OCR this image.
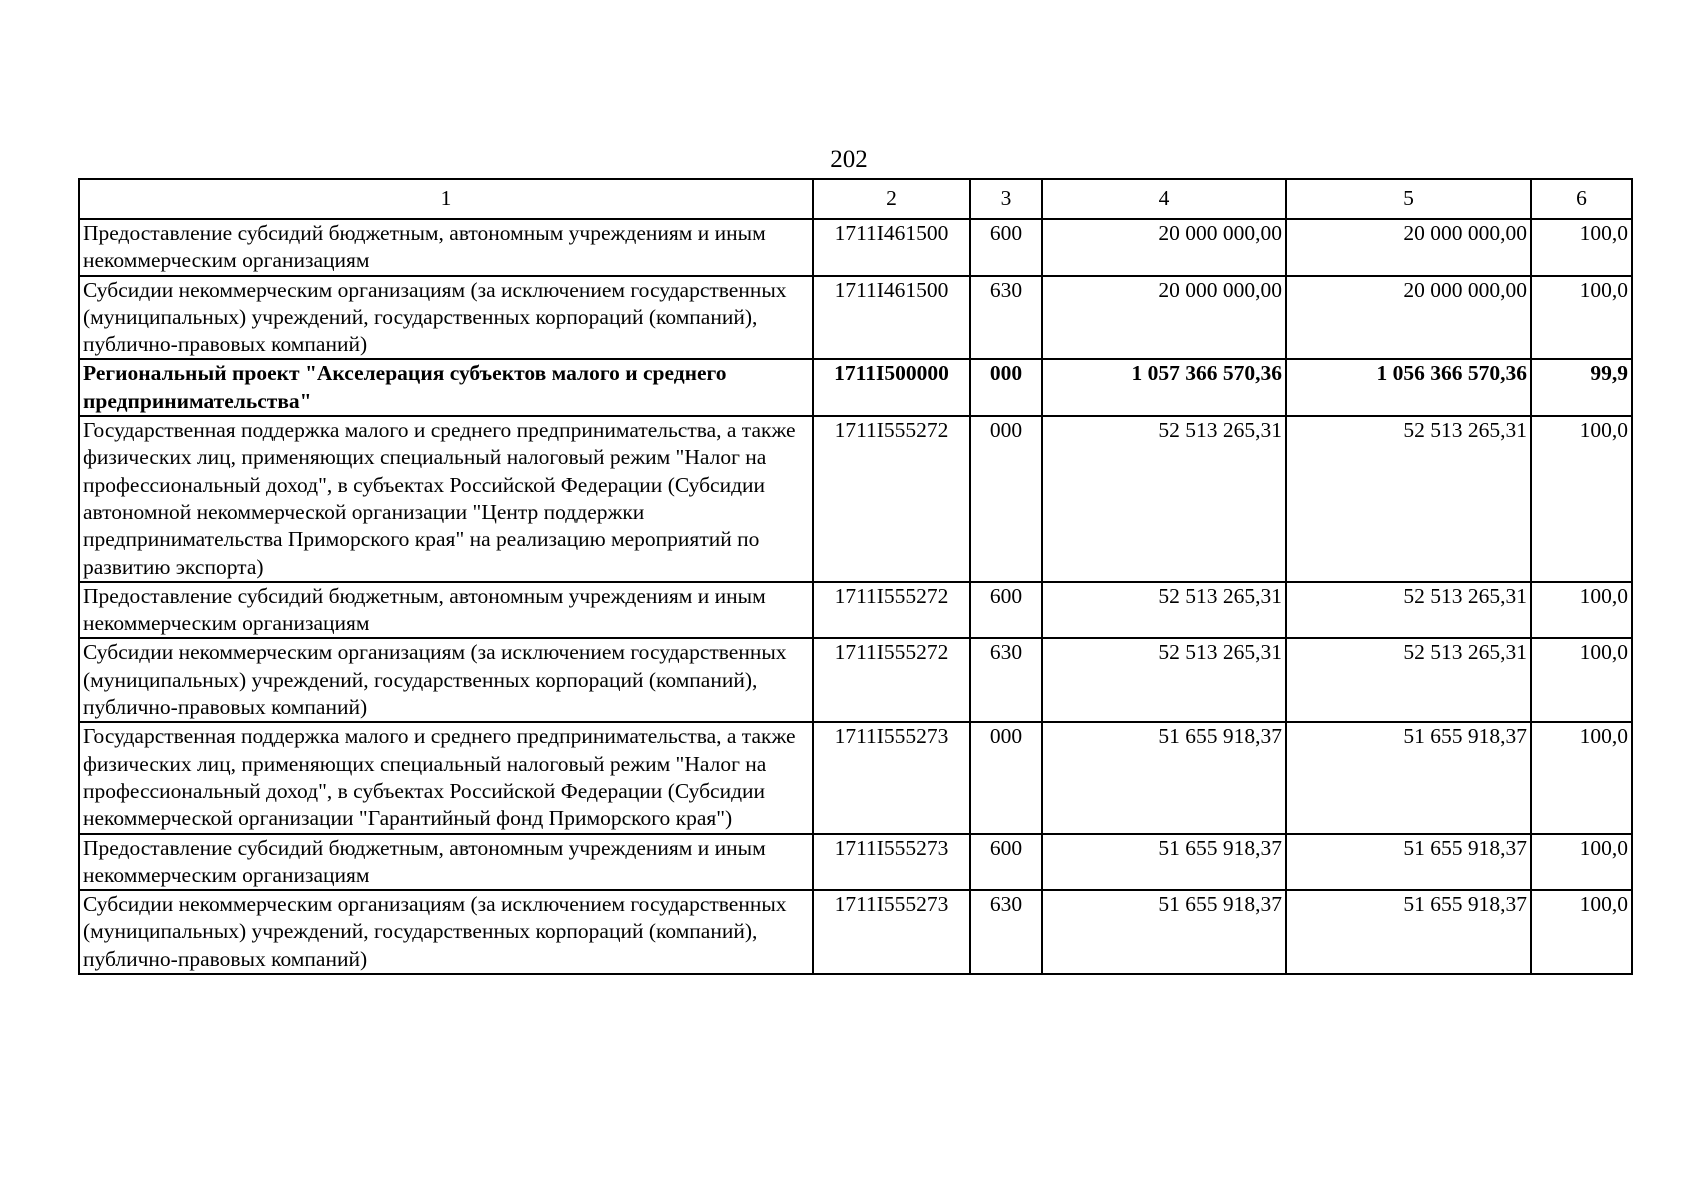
202
1	2	3	4	5	6
Предоставление субсидий бюджетным, автономным учреждениям и иным некоммерческим организациям	1711I461500	600	20 000 000,00	20 000 000,00	100,0
Субсидии некоммерческим организациям (за исключением государственных (муниципальных) учреждений, государственных корпораций (компаний), публично-правовых компаний)	1711I461500	630	20 000 000,00	20 000 000,00	100,0
Региональный проект "Акселерация субъектов малого и среднего предпринимательства"	1711I500000	000	1 057 366 570,36	1 056 366 570,36	99,9
Государственная поддержка малого и среднего предпринимательства, а также физических лиц, применяющих специальный налоговый режим "Налог на профессиональный доход", в субъектах Российской Федерации (Субсидии автономной некоммерческой организации "Центр поддержки предпринимательства Приморского края" на реализацию мероприятий по развитию экспорта)	1711I555272	000	52 513 265,31	52 513 265,31	100,0
Предоставление субсидий бюджетным, автономным учреждениям и иным некоммерческим организациям	1711I555272	600	52 513 265,31	52 513 265,31	100,0
Субсидии некоммерческим организациям (за исключением государственных (муниципальных) учреждений, государственных корпораций (компаний), публично-правовых компаний)	1711I555272	630	52 513 265,31	52 513 265,31	100,0
Государственная поддержка малого и среднего предпринимательства, а также физических лиц, применяющих специальный налоговый режим "Налог на профессиональный доход", в субъектах Российской Федерации (Субсидии некоммерческой организации "Гарантийный фонд Приморского края")	1711I555273	000	51 655 918,37	51 655 918,37	100,0
Предоставление субсидий бюджетным, автономным учреждениям и иным некоммерческим организациям	1711I555273	600	51 655 918,37	51 655 918,37	100,0
Субсидии некоммерческим организациям (за исключением государственных (муниципальных) учреждений, государственных корпораций (компаний), публично-правовых компаний)	1711I555273	630	51 655 918,37	51 655 918,37	100,0
